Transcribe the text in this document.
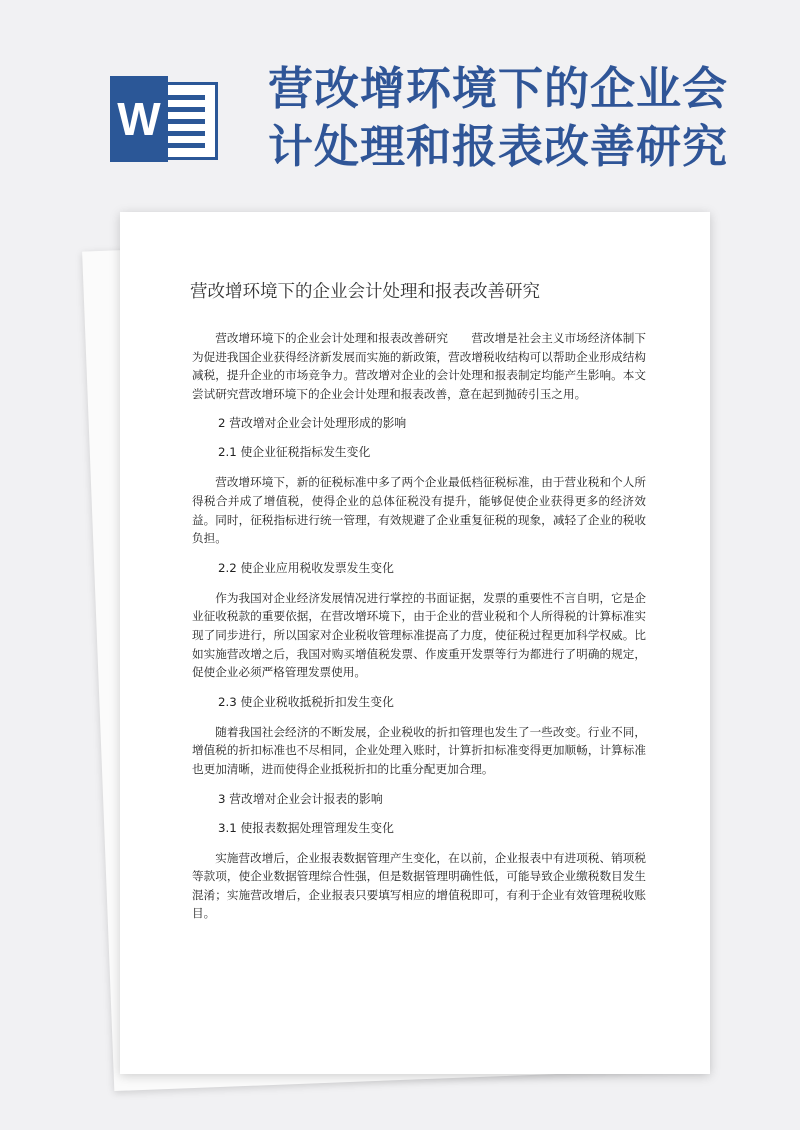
W
营改增环境下的企业会计处理和报表改善研究
营改增环境下的企业会计处理和报表改善研究

营改增环境下的企业会计处理和报表改善研究　　营改增是社会主义市场经济体制下为促进我国企业获得经济新发展而实施的新政策，营改增税收结构可以帮助企业形成结构减税，提升企业的市场竞争力。营改增对企业的会计处理和报表制定均能产生影响。本文尝试研究营改增环境下的企业会计处理和报表改善，意在起到抛砖引玉之用。

2 营改增对企业会计处理形成的影响
2.1 使企业征税指标发生变化

营改增环境下，新的征税标准中多了两个企业最低档征税标准，由于营业税和个人所得税合并成了增值税，使得企业的总体征税没有提升，能够促使企业获得更多的经济效益。同时，征税指标进行统一管理，有效规避了企业重复征税的现象，减轻了企业的税收负担。

2.2 使企业应用税收发票发生变化

作为我国对企业经济发展情况进行掌控的书面证据，发票的重要性不言自明，它是企业征收税款的重要依据，在营改增环境下，由于企业的营业税和个人所得税的计算标准实现了同步进行，所以国家对企业税收管理标准提高了力度，使征税过程更加科学权威。比如实施营改增之后，我国对购买增值税发票、作废重开发票等行为都进行了明确的规定，促使企业必须严格管理发票使用。

2.3 使企业税收抵税折扣发生变化

随着我国社会经济的不断发展，企业税收的折扣管理也发生了一些改变。行业不同，增值税的折扣标准也不尽相同，企业处理入账时，计算折扣标准变得更加顺畅，计算标准也更加清晰，进而使得企业抵税折扣的比重分配更加合理。

3 营改增对企业会计报表的影响
3.1 使报表数据处理管理发生变化

实施营改增后，企业报表数据管理产生变化，在以前，企业报表中有进项税、销项税等款项，使企业数据管理综合性强，但是数据管理明确性低，可能导致企业缴税数目发生混淆；实施营改增后，企业报表只要填写相应的增值税即可，有利于企业有效管理税收账目。
